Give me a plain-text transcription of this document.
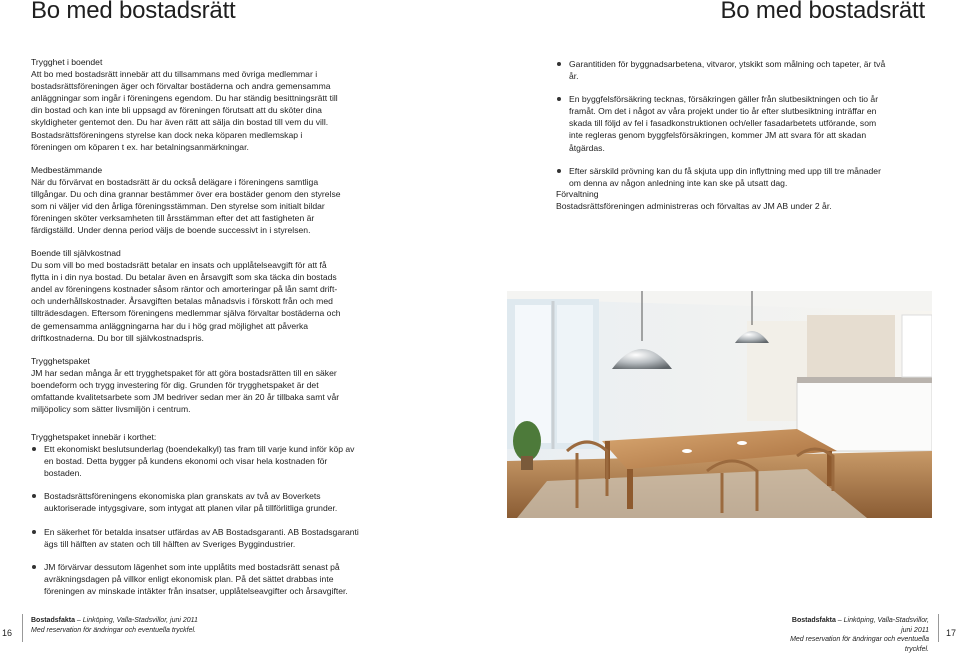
Bo med bostadsrätt	Bo med bostadsrätt

Trygghet i boendet

Att bo med bostadsrätt innebär att du tillsammans med övriga medlemmar i bostadsrättsföreningen äger och förvaltar bostäderna och andra gemensamma anläggningar som ingår i föreningens egendom. Du har ständig besittningsrätt till din bostad och kan inte bli uppsagd av föreningen förutsatt att du sköter dina skyldigheter gentemot den. Du har även rätt att sälja din bostad till vem du vill. Bostadsrättsföreningens styrelse kan dock neka köparen medlemskap i föreningen om köparen t ex. har betalningsanmärkningar.

Medbestämmande

När du förvärvat en bostadsrätt är du också delägare i föreningens samtliga tillgångar. Du och dina grannar bestämmer över era bostäder genom den styrelse som ni väljer vid den årliga föreningsstämman. Den styrelse som initialt bildar föreningen sköter verksamheten till årsstämman efter det att fastigheten är färdigställd. Under denna period väljs de boende successivt in i styrelsen.

Boende till självkostnad

Du som vill bo med bostadsrätt betalar en insats och upplåtelseavgift för att få flytta in i din nya bostad. Du betalar även en årsavgift som ska täcka din bostads andel av föreningens kostnader såsom räntor och amorteringar på lån samt drift- och underhållskostnader. Årsavgiften betalas månadsvis i förskott från och med tillträdesdagen. Eftersom föreningens medlemmar själva förvaltar bostäderna och de gemensamma anläggningarna har du i hög grad möjlighet att påverka driftkostnaderna. Du bor till självkostnadspris.

Trygghetspaket

JM har sedan många år ett trygghetspaket för att göra bostadsrätten till en säker boendeform och trygg investering för dig. Grunden för trygghetspaket är det omfattande kvalitetsarbete som JM bedriver sedan mer än 20 år tillbaka samt vår miljöpolicy som sätter livsmiljön i centrum.

Trygghetspaket innebär i korthet:

Ett ekonomiskt beslutsunderlag (boendekalkyl) tas fram till varje kund inför köp av en bostad. Detta bygger på kundens ekonomi och visar hela kostnaden för bostaden.
Bostadsrättsföreningens ekonomiska plan granskats av två av Boverkets auktoriserade intygsgivare, som intygat att planen vilar på tillförlitliga grunder.
En säkerhet för betalda insatser utfärdas av AB Bostadsgaranti. AB Bostadsgaranti ägs till hälften av staten och till hälften av Sveriges Byggindustrier.
JM förvärvar dessutom lägenhet som inte upplåtits med bostadsrätt senast på avräkningsdagen på villkor enligt ekonomisk plan. På det sättet drabbas inte föreningen av minskade intäkter från insatser, upplåtelseavgifter och årsavgifter.
Garantitiden för byggnadsarbetena, vitvaror, ytskikt som målning och tapeter, är två år.
En byggfelsförsäkring tecknas, försäkringen gäller från slutbesiktningen och tio år framåt. Om det i något av våra projekt under tio år efter slutbesiktning inträffar en skada till följd av fel i fasadkonstruktionen och/eller fasadarbetets utförande, som inte regleras genom byggfelsförsäkringen, kommer JM att svara för att skadan åtgärdas.
Efter särskild prövning kan du få skjuta upp din inflyttning med upp till tre månader om denna av någon anledning inte kan ske på utsatt dag.

Förvaltning

Bostadsrättsföreningen administreras och förvaltas av JM AB under 2 år.

16
Bostadsfakta – Linköping, Valla-Stadsvillor, juni 2011
Med reservation för ändringar och eventuella tryckfel.
Bostadsfakta – Linköping, Valla-Stadsvillor, juni 2011
Med reservation för ändringar och eventuella tryckfel.
17
